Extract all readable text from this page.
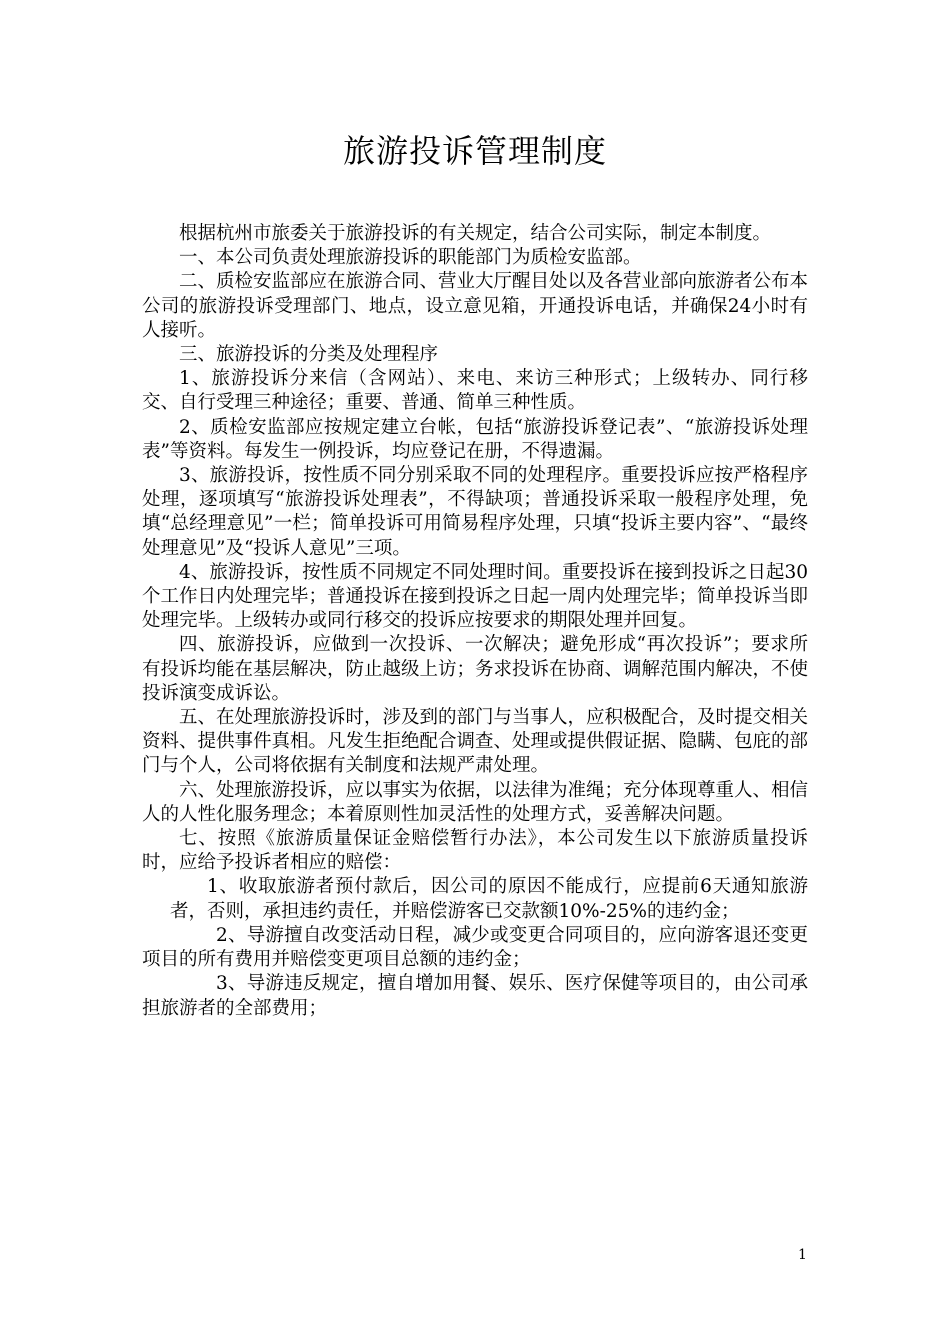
旅游投诉管理制度

根据杭州市旅委关于旅游投诉的有关规定，结合公司实际，制定本制度。

一、本公司负责处理旅游投诉的职能部门为质检安监部。

二、质检安监部应在旅游合同、营业大厅醒目处以及各营业部向旅游者公布本公司的旅游投诉受理部门、地点，设立意见箱，开通投诉电话，并确保24小时有人接听。

三、旅游投诉的分类及处理程序

1、旅游投诉分来信（含网站）、来电、来访三种形式；上级转办、同行移交、自行受理三种途径；重要、普通、简单三种性质。

2、质检安监部应按规定建立台帐，包括“旅游投诉登记表”、“旅游投诉处理表”等资料。每发生一例投诉，均应登记在册，不得遗漏。

3、旅游投诉，按性质不同分别采取不同的处理程序。重要投诉应按严格程序处理，逐项填写“旅游投诉处理表”，不得缺项；普通投诉采取一般程序处理，免填“总经理意见”一栏；简单投诉可用简易程序处理，只填“投诉主要内容”、“最终处理意见”及“投诉人意见”三项。

4、旅游投诉，按性质不同规定不同处理时间。重要投诉在接到投诉之日起30个工作日内处理完毕；普通投诉在接到投诉之日起一周内处理完毕；简单投诉当即处理完毕。上级转办或同行移交的投诉应按要求的期限处理并回复。

四、旅游投诉，应做到一次投诉、一次解决；避免形成“再次投诉”；要求所有投诉均能在基层解决，防止越级上访；务求投诉在协商、调解范围内解决，不使投诉演变成诉讼。

五、在处理旅游投诉时，涉及到的部门与当事人，应积极配合，及时提交相关资料、提供事件真相。凡发生拒绝配合调查、处理或提供假证据、隐瞒、包庇的部门与个人，公司将依据有关制度和法规严肃处理。

六、处理旅游投诉，应以事实为依据，以法律为准绳；充分体现尊重人、相信人的人性化服务理念；本着原则性加灵活性的处理方式，妥善解决问题。

七、按照《旅游质量保证金赔偿暂行办法》，本公司发生以下旅游质量投诉时，应给予投诉者相应的赔偿：

1、收取旅游者预付款后，因公司的原因不能成行，应提前6天通知旅游者，否则，承担违约责任，并赔偿游客已交款额10%-25%的违约金；

2、导游擅自改变活动日程，减少或变更合同项目的，应向游客退还变更项目的所有费用并赔偿变更项目总额的违约金；

3、导游违反规定，擅自增加用餐、娱乐、医疗保健等项目的，由公司承担旅游者的全部费用；

1
